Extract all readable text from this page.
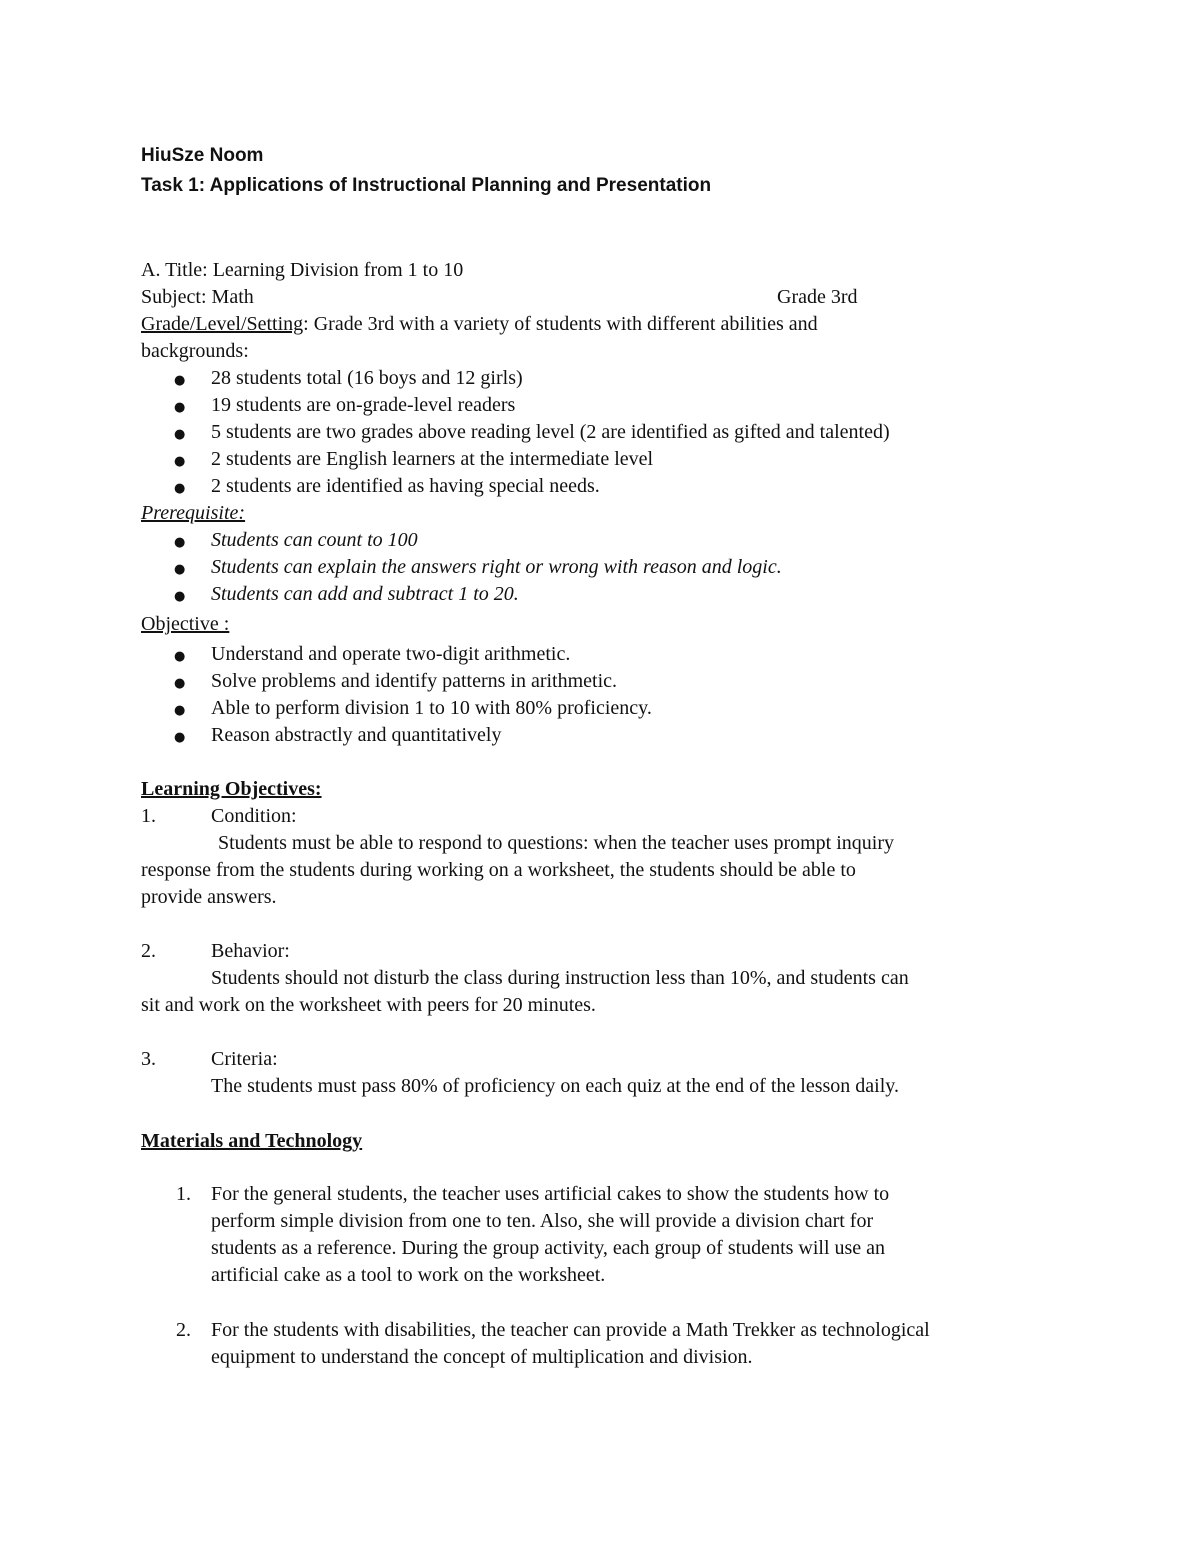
HiuSze Noom
Task 1: Applications of Instructional Planning and Presentation
A. Title: Learning Division from 1 to 10
Subject: Math	Grade 3rd
Grade/Level/Setting: Grade 3rd with a variety of students with different abilities and
backgrounds:
● 28 students total (16 boys and 12 girls)
● 19 students are on-grade-level readers
● 5 students are two grades above reading level (2 are identified as gifted and talented)
● 2 students are English learners at the intermediate level
● 2 students are identified as having special needs.
Prerequisite:
● Students can count to 100
● Students can explain the answers right or wrong with reason and logic.
● Students can add and subtract 1 to 20.
Objective :
● Understand and operate two-digit arithmetic.
● Solve problems and identify patterns in arithmetic.
● Able to perform division 1 to 10 with 80% proficiency.
● Reason abstractly and quantitatively
Learning Objectives:
1.	Condition:
Students must be able to respond to questions: when the teacher uses prompt inquiry
response from the students during working on a worksheet, the students should be able to
provide answers.
2.	Behavior:
Students should not disturb the class during instruction less than 10%, and students can
sit and work on the worksheet with peers for 20 minutes.
3.	Criteria:
The students must pass 80% of proficiency on each quiz at the end of the lesson daily.
Materials and Technology
1. For the general students, the teacher uses artificial cakes to show the students how to
perform simple division from one to ten. Also, she will provide a division chart for
students as a reference. During the group activity, each group of students will use an
artificial cake as a tool to work on the worksheet.
2. For the students with disabilities, the teacher can provide a Math Trekker as technological
equipment to understand the concept of multiplication and division.
